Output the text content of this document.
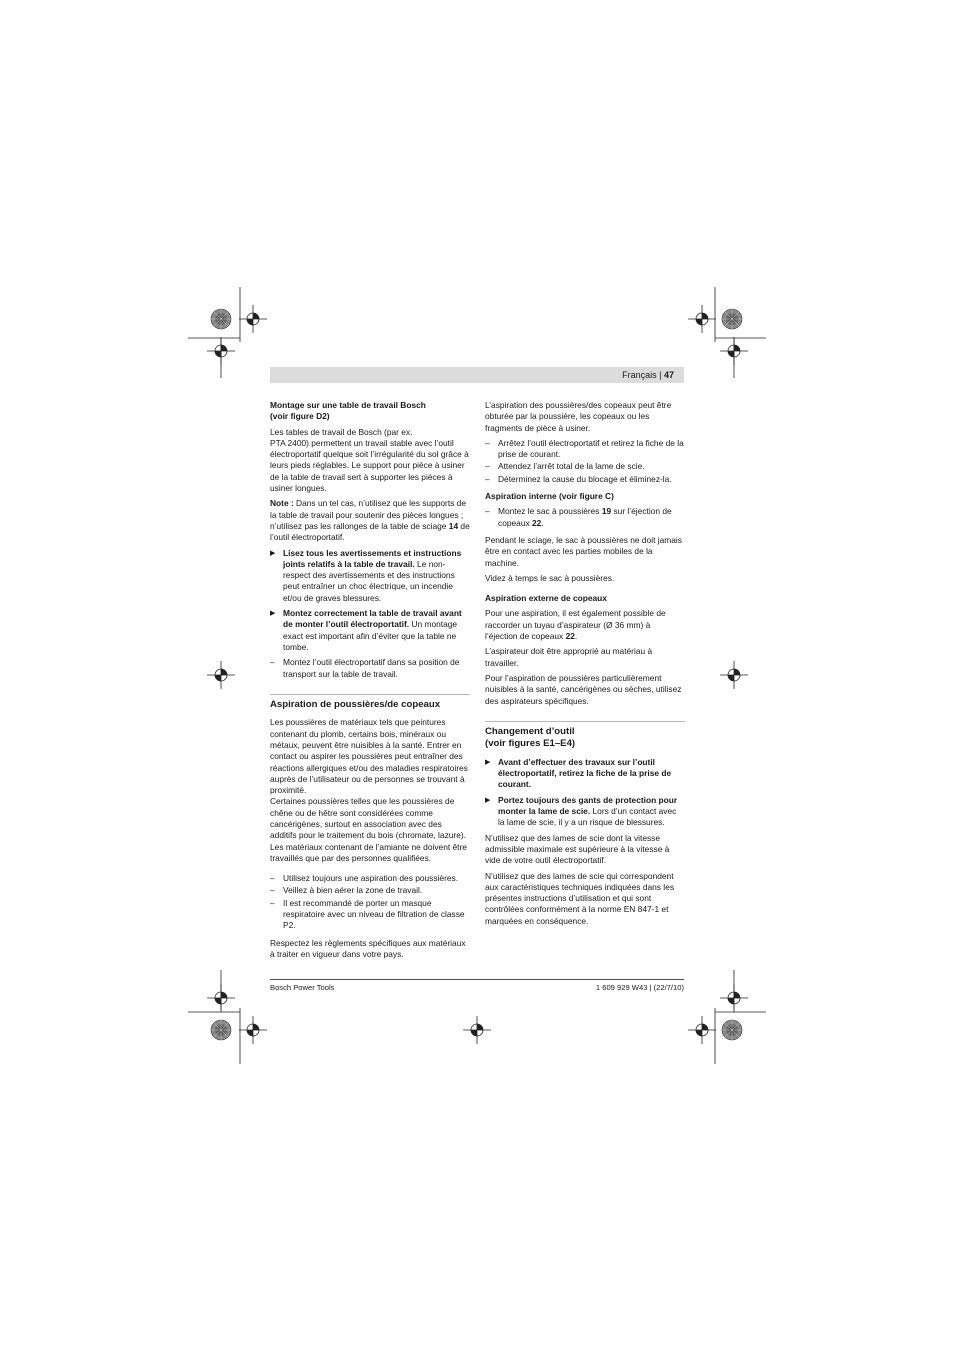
Français | 47
Montage sur une table de travail Bosch
(voir figure D2)

Les tables de travail de Bosch (par ex.
PTA 2400) permettent un travail stable avec l’outil électroportatif quelque soit l’irrégularité du sol grâce à leurs pieds réglables. Le support pour pièce à usiner de la table de travail sert à supporter les pièces à usiner longues.

Note : Dans un tel cas, n’utilisez que les supports de la table de travail pour soutenir des pièces longues ; n’utilisez pas les rallonges de la table de sciage 14 de l’outil électroportatif.

▶ Lisez tous les avertissements et instructions joints relatifs à la table de travail. Le non-respect des avertissements et des instructions peut entraîner un choc électrique, un incendie et/ou de graves blessures.
▶ Montez correctement la table de travail avant de monter l’outil électroportatif. Un montage exact est important afin d’éviter que la table ne tombe.
– Montez l’outil électroportatif dans sa position de transport sur la table de travail.
Aspiration de poussières/de copeaux

Les poussières de matériaux tels que peintures contenant du plomb, certains bois, minéraux ou métaux, peuvent être nuisibles à la santé. Entrer en contact ou aspirer les poussières peut entraîner des réactions allergiques et/ou des maladies respiratoires auprès de l’utilisateur ou de personnes se trouvant à proximité.

Certaines poussières telles que les poussières de chêne ou de hêtre sont considérées comme cancérigènes, surtout en association avec des additifs pour le traitement du bois (chromate, lazure). Les matériaux contenant de l’amiante ne doivent être travaillés que par des personnes qualifiées.

– Utilisez toujours une aspiration des poussières.
– Veillez à bien aérer la zone de travail.
– Il est recommandé de porter un masque respiratoire avec un niveau de filtration de classe P2.

Respectez les règlements spécifiques aux matériaux à traiter en vigueur dans votre pays.

L’aspiration des poussières/des copeaux peut être obturée par la poussière, les copeaux ou les fragments de pièce à usiner.

– Arrêtez l’outil électroportatif et retirez la fiche de la prise de courant.
– Attendez l’arrêt total de la lame de scie.
– Déterminez la cause du blocage et éliminez-la.
Aspiration interne (voir figure C)
– Montez le sac à poussières 19 sur l’éjection de copeaux 22.

Pendant le sciage, le sac à poussières ne doit jamais être en contact avec les parties mobiles de la machine.

Videz à temps le sac à poussières.

Aspiration externe de copeaux

Pour une aspiration, il est également possible de raccorder un tuyau d’aspirateur (Ø 36 mm) à l’éjection de copeaux 22.

L’aspirateur doit être approprié au matériau à travailler.

Pour l’aspiration de poussières particulièrement nuisibles à la santé, cancérigènes ou sèches, utilisez des aspirateurs spécifiques.

Changement d’outil
(voir figures E1–E4)
▶ Avant d’effectuer des travaux sur l’outil électroportatif, retirez la fiche de la prise de courant.
▶ Portez toujours des gants de protection pour monter la lame de scie. Lors d’un contact avec la lame de scie, il y a un risque de blessures.

N’utilisez que des lames de scie dont la vitesse admissible maximale est supérieure à la vitesse à vide de votre outil électroportatif.

N’utilisez que des lames de scie qui correspondent aux caractéristiques techniques indiquées dans les présentes instructions d’utilisation et qui sont contrôlées conformément à la norme EN 847-1 et marquées en conséquence.

Bosch Power Tools	1 609 929 W43 | (22/7/10)
